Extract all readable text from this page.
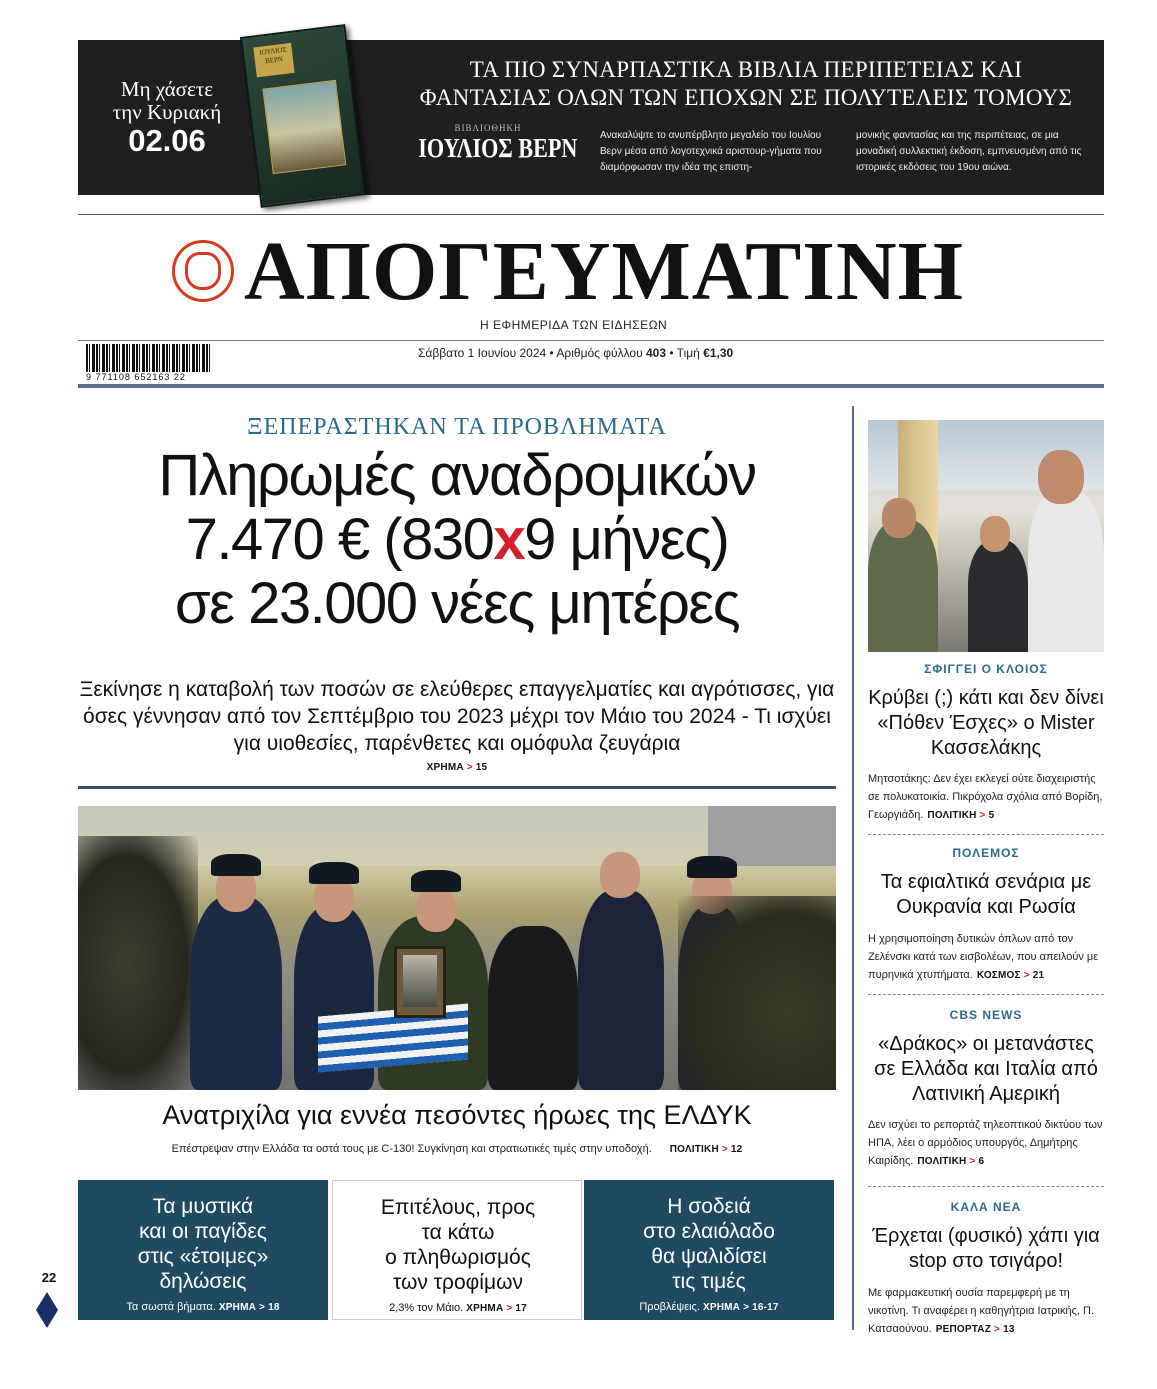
Μη χάσετε
την Κυριακή
02.06
ΙΟΥΛΙΟΣ ΒΕΡΝ	ΤΑ ΠΙΟ ΣΥΝΑΡΠΑΣΤΙΚΑ ΒΙΒΛΙΑ ΠΕΡΙΠΕΤΕΙΑΣ ΚΑΙ
ΦΑΝΤΑΣΙΑΣ ΟΛΩΝ ΤΩΝ ΕΠΟΧΩΝ ΣΕ ΠΟΛΥΤΕΛΕΙΣ ΤΟΜΟΥΣ
ΒΙΒΛΙΟΘΗΚΗ
ΙΟΥΛΙΟΣ ΒΕΡΝ Ανακαλύψτε το ανυπέρβλητο μεγαλείο του Ιουλίου Βερν μέσα από λογοτεχνικά αριστουρ-γήματα που διαμόρφωσαν την ιδέα της επιστη-
μονικής φαντασίας και της περιπέτειας, σε μια μοναδική συλλεκτική έκδοση, εμπνευσμένη από τις ιστορικές εκδόσεις του 19ου αιώνα.
ΑΠΟΓΕΥΜΑΤΙΝΗ
Η ΕΦΗΜΕΡΙΔΑ ΤΩΝ ΕΙΔΗΣΕΩΝ
9 771108 652163 22
Σάββατο 1 Ιουνίου 2024 • Αριθμός φύλλου 403 • Τιμή €1,30
ΞΕΠΕΡΑΣΤΗΚΑΝ ΤΑ ΠΡΟΒΛΗΜΑΤΑ
Πληρωμές αναδρομικών
7.470 € (830x9 μήνες)
σε 23.000 νέες μητέρες
Ξεκίνησε η καταβολή των ποσών σε ελεύθερες επαγγελματίες και αγρότισσες, για όσες γέννησαν από τον Σεπτέμβριο του 2023 μέχρι τον Μάιο του 2024 - Τι ισχύει για υιοθεσίες, παρένθετες και ομόφυλα ζευγάρια
ΧΡΗΜΑ > 15
Ανατριχίλα για εννέα πεσόντες ήρωες της ΕΛΔΥΚ
Επέστρεψαν στην Ελλάδα τα οστά τους με C-130! Συγκίνηση και στρατιωτικές τιμές στην υποδοχή. ΠΟΛΙΤΙΚΗ > 12
Τα μυστικά
και οι παγίδες
στις «έτοιμες»
δηλώσεις
Τα σωστά βήματα. ΧΡΗΜΑ > 18
Επιτέλους, προς
τα κάτω
ο πληθωρισμός
των τροφίμων
2,3% τον Μάιο. ΧΡΗΜΑ > 17
Η σοδειά
στο ελαιόλαδο
θα ψαλιδίσει
τις τιμές
Προβλέψεις. ΧΡΗΜΑ > 16-17
22
ΣΦΙΓΓΕΙ Ο ΚΛΟΙΟΣ
Κρύβει (;) κάτι και δεν δίνει «Πόθεν Έσχες» ο Mister Κασσελάκης
Μητσοτάκης: Δεν έχει εκλεγεί ούτε διαχειριστής σε πολυκατοικία. Πικρόχολα σχόλια από Βορίδη, Γεωργιάδη. ΠΟΛΙΤΙΚΗ > 5
ΠΟΛΕΜΟΣ
Τα εφιαλτικά σενάρια με Ουκρανία και Ρωσία
Η χρησιμοποίηση δυτικών όπλων από τον Ζελένσκι κατά των εισβολέων, που απειλούν με πυρηνικά χτυπήματα. ΚΟΣΜΟΣ > 21
CBS NEWS
«Δράκος» οι μετανάστες σε Ελλάδα και Ιταλία από Λατινική Αμερική
Δεν ισχύει το ρεπορτάζ τηλεοπτικού δικτύου των ΗΠΑ, λέει ο αρμόδιος υπουργός, Δημήτρης Καιρίδης. ΠΟΛΙΤΙΚΗ > 6
ΚΑΛΑ ΝΕΑ
Έρχεται (φυσικό) χάπι για stop στο τσιγάρο!
Με φαρμακευτική ουσία παρεμφερή με τη νικοτίνη. Τι αναφέρει η καθηγήτρια Ιατρικής, Π. Κατσαούνου. ΡΕΠΟΡΤΑΖ > 13
